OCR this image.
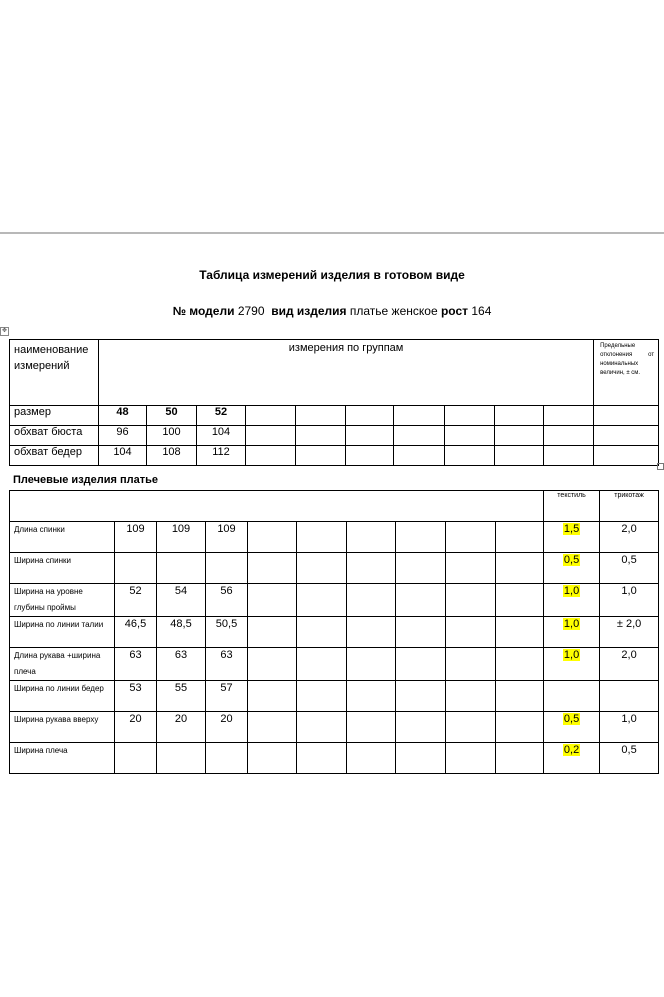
Таблица измерений изделия в готовом виде
№ модели 2790 вид изделия платье женское рост 164
✥
наименование измерений	измерения по группам										Предельные отклонения от номинальных величин, ± см.

размер	48	50	52								
обхват бюста	96	100	104								
обхват бедер	104	108	112								
Плечевые изделия платье
										текстиль	трикотаж
Длина спинки	109	109	109							1,5	2,0
Ширина спинки										0,5	0,5
Ширина на уровне глубины проймы	52	54	56							1,0	1,0
Ширина по линии талии	46,5	48,5	50,5							1,0	± 2,0
Длина рукава +ширина плеча	63	63	63							1,0	2,0
Ширина по линии бедер	53	55	57								
Ширина рукава вверху	20	20	20							0,5	1,0
Ширина плеча										0,2	0,5
